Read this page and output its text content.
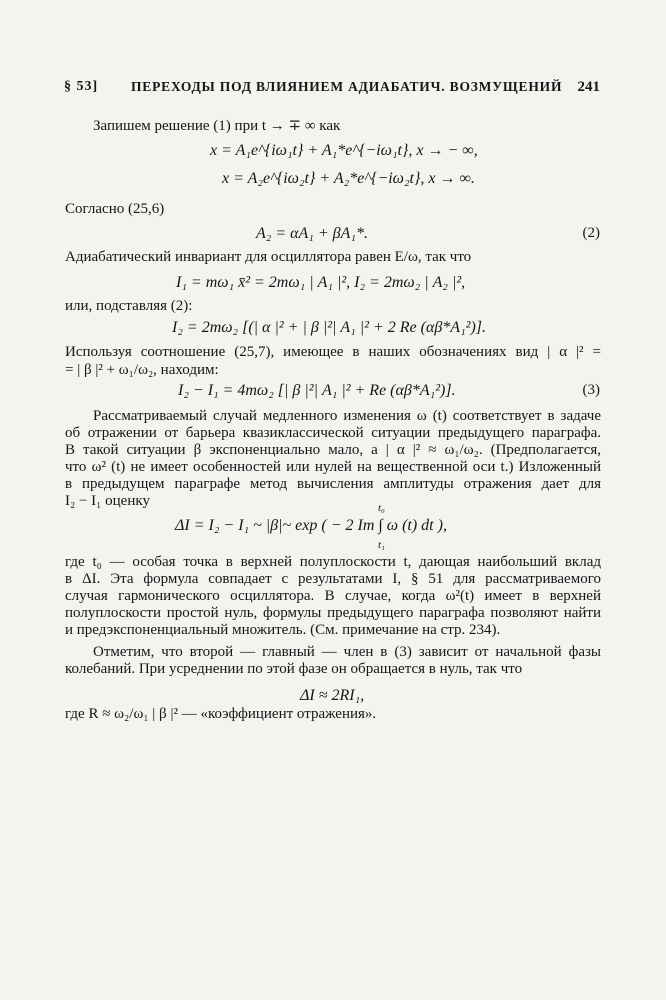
§ 53] ПЕРЕХОДЫ ПОД ВЛИЯНИЕМ АДИАБАТИЧ. ВОЗМУЩЕНИЙ 241
Запишем решение (1) при t → ∓ ∞ как
x = A₁e^{iω₁t} + A₁*e^{−iω₁t}, x → − ∞,
x = A₂e^{iω₂t} + A₂*e^{−iω₂t}, x → ∞.
Согласно (25,6)
A₂ = αA₁ + βA₁*.	(2)
Адиабатический инвариант для осциллятора равен E/ω, так что
I₁ = mω₁ x̄² = 2mω₁ | A₁ |², I₂ = 2mω₂ | A₂ |²,
или, подставляя (2):
I₂ = 2mω₂ [(| α |² + | β |²| A₁ |² + 2 Re (αβ*A₁²)].
Используя соотношение (25,7), имеющее в наших обозначениях вид | α |² =
= | β |² + ω₁/ω₂, находим:
I₂ − I₁ = 4mω₂ [| β |²| A₁ |² + Re (αβ*A₁²)].	(3)
Рассматриваемый случай медленного изменения ω (t) соответствует в задаче
об отражении от барьера квазиклассической ситуации предыдущего параграфа.
В такой ситуации β экспоненциально мало, а | α |² ≈ ω₁/ω₂. (Предполагается,
что ω² (t) не имеет особенностей или нулей на вещественной оси t.) Изложенный
в предыдущем параграфе метод вычисления амплитуды отражения дает для
I₂ − I₁ оценку
ΔI = I₂ − I₁ ~ |β|~ exp ( − 2 Im ∫ ω (t) dt ),
t₀
t₁
где t₀ — особая точка в верхней полуплоскости t, дающая наибольший вклад
в ΔI. Эта формула совпадает с результатами I, § 51 для рассматриваемого
случая гармонического осциллятора. В случае, когда ω²(t) имеет в верхней
полуплоскости простой нуль, формулы предыдущего параграфа позволяют найти
и предэкспоненциальный множитель. (См. примечание на стр. 234).
Отметим, что второй — главный — член в (3) зависит от начальной фазы
колебаний. При усреднении по этой фазе он обращается в нуль, так что
ΔI ≈ 2RI₁,
где R ≈ ω₂/ω₁ | β |² — «коэффициент отражения».
